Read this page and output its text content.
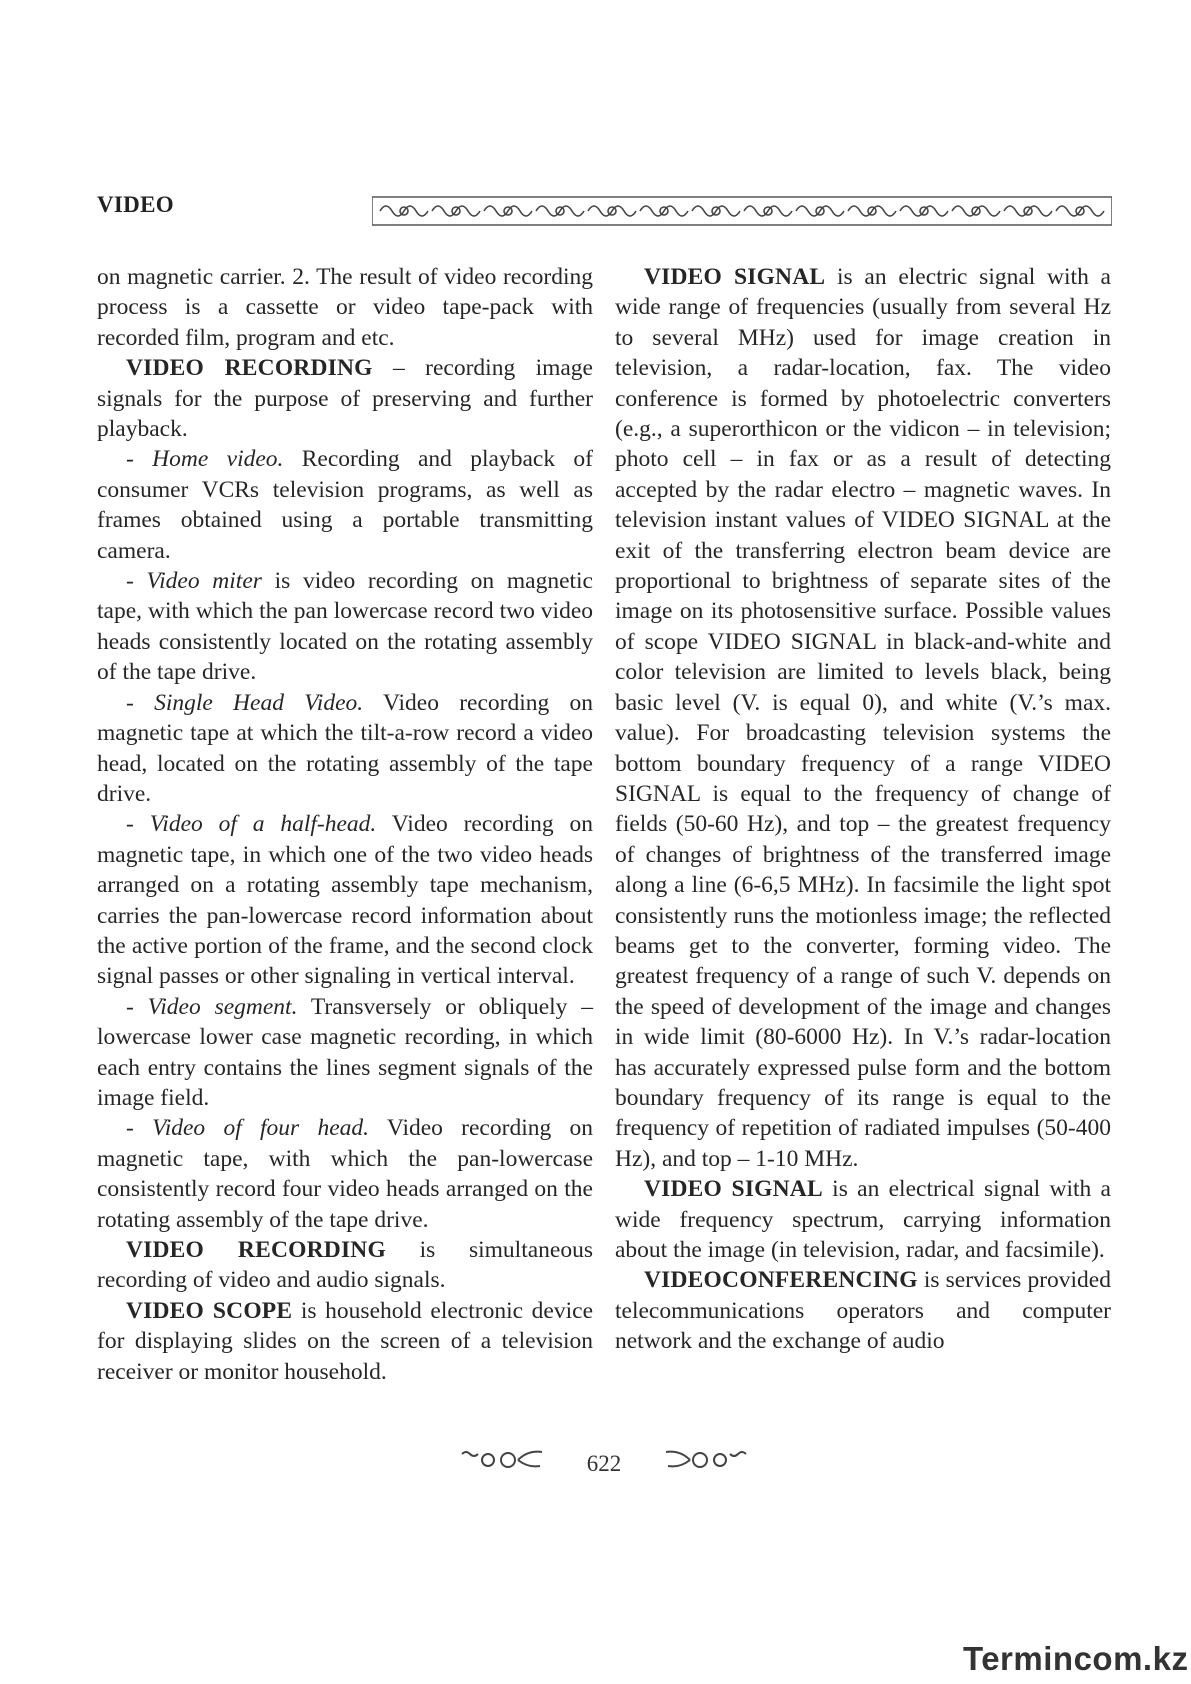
VIDEO

on magnetic carrier. 2. The result of video recording process is a cassette or video tape-pack with recorded film, program and etc.

VIDEO RECORDING – recording image signals for the purpose of preserving and further playback.

- Home video. Recording and playback of consumer VCRs television programs, as well as frames obtained using a portable transmitting camera.

- Video miter is video recording on magnetic tape, with which the pan lowercase record two video heads consistently located on the rotating assembly of the tape drive.

- Single Head Video. Video recording on magnetic tape at which the tilt-a-row record a video head, located on the rotating assembly of the tape drive.

- Video of a half-head. Video recording on magnetic tape, in which one of the two video heads arranged on a rotating assembly tape mechanism, carries the pan-lowercase record information about the active portion of the frame, and the second clock signal passes or other signaling in vertical interval.

- Video segment. Transversely or obliquely – lowercase lower case magnetic recording, in which each entry contains the lines segment signals of the image field.

- Video of four head. Video recording on magnetic tape, with which the pan-lowercase consistently record four video heads arranged on the rotating assembly of the tape drive.

VIDEO RECORDING is simultaneous recording of video and audio signals.

VIDEO SCOPE is household electronic device for displaying slides on the screen of a television receiver or monitor household.

VIDEO SIGNAL is an electric signal with a wide range of frequencies (usually from several Hz to several MHz) used for image creation in television, a radar-location, fax. The video conference is formed by photoelectric converters (e.g., a superorthicon or the vidicon – in television; photo cell – in fax or as a result of detecting accepted by the radar electro – magnetic waves. In television instant values of VIDEO SIGNAL at the exit of the transferring electron beam device are proportional to brightness of separate sites of the image on its photosensitive surface. Possible values of scope VIDEO SIGNAL in black-and-white and color television are limited to levels black, being basic level (V. is equal 0), and white (V.’s max. value). For broadcasting television systems the bottom boundary frequency of a range VIDEO SIGNAL is equal to the frequency of change of fields (50-60 Hz), and top – the greatest frequency of changes of brightness of the transferred image along a line (6-6,5 MHz). In facsimile the light spot consistently runs the motionless image; the reflected beams get to the converter, forming video. The greatest frequency of a range of such V. depends on the speed of development of the image and changes in wide limit (80-6000 Hz). In V.’s radar-location has accurately expressed pulse form and the bottom boundary frequency of its range is equal to the frequency of repetition of radiated impulses (50-400 Hz), and top – 1-10 MHz.

VIDEO SIGNAL is an electrical signal with a wide frequency spectrum, carrying information about the image (in television, radar, and facsimile).

VIDEOCONFERENCING is services provided telecommunications operators and computer network and the exchange of audio

622
Termincom.kz
